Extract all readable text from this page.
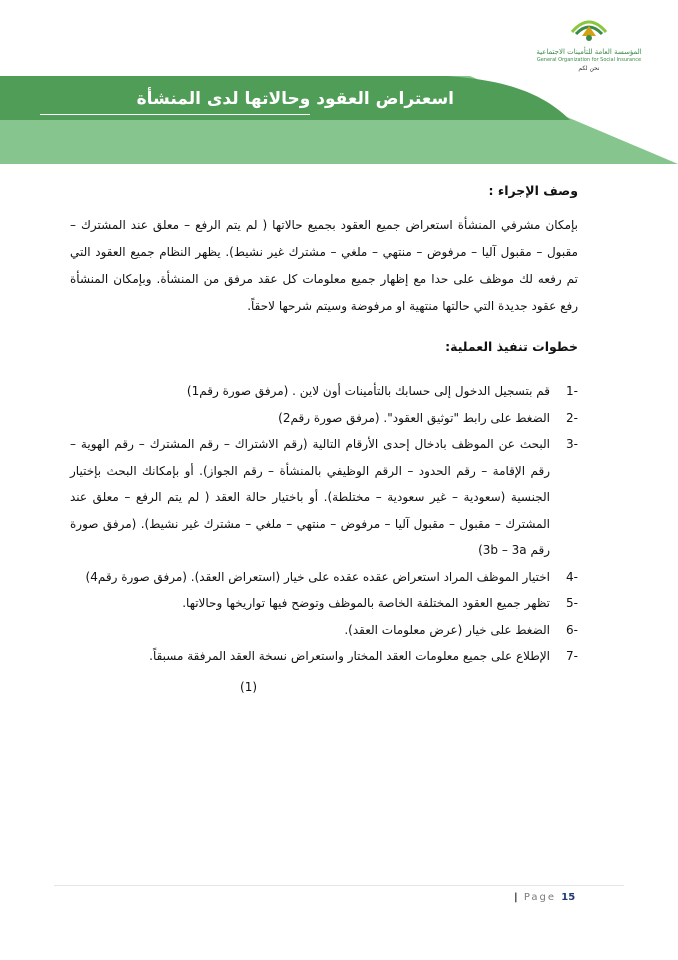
المؤسسة العامة للتأمينات الاجتماعية
General Organization for Social Insurance
نحن لكم
اسعتراض العقود وحالاتها لدى المنشأة

وصف الإجراء :

بإمكان مشرفي المنشأة استعراض جميع العقود بجميع حالاتها ( لم يتم الرفع – معلق عند المشترك – مقبول – مقبول آليا – مرفوض – منتهي – ملغي – مشترك غير نشيط). يظهر النظام جميع العقود التي تم رفعه لك موظف على حدا مع إظهار جميع معلومات كل عقد مرفق من المنشأة. وبإمكان المنشأة رفع عقود جديدة التي حالتها منتهية او مرفوضة وسيتم شرحها لاحقاً.

خطوات تنفيذ العملية:

-1
قم بتسجيل الدخول إلى حسابك بالتأمينات أون لاين . (مرفق صورة رقم1)
-2
الضغط على رابط "توثيق العقود". (مرفق صورة رقم2)
-3
البحث عن الموظف بادخال إحدى الأرقام التالية (رقم الاشتراك – رقم المشترك – رقم الهوية – رقم الإقامة – رقم الحدود – الرقم الوظيفي بالمنشأة – رقم الجواز). أو بإمكانك البحث بإختيار الجنسية (سعودية – غير سعودية – مختلطة). أو باختيار حالة العقد ( لم يتم الرفع – معلق عند المشترك – مقبول – مقبول آليا – مرفوض – منتهي – ملغي – مشترك غير نشيط). (مرفق صورة رقم 3b – 3a)
-4
اختيار الموظف المراد استعراض عقده عقده على خيار (استعراض العقد). (مرفق صورة رقم4)
-5
تظهر جميع العقود المختلفة الخاصة بالموظف وتوضح فيها تواريخها وحالاتها.
-6
الضغط على خيار (عرض معلومات العقد).
-7
الإطلاع على جميع معلومات العقد المختار واستعراض نسخة العقد المرفقة مسبقاً.
(1)
| Page 15
